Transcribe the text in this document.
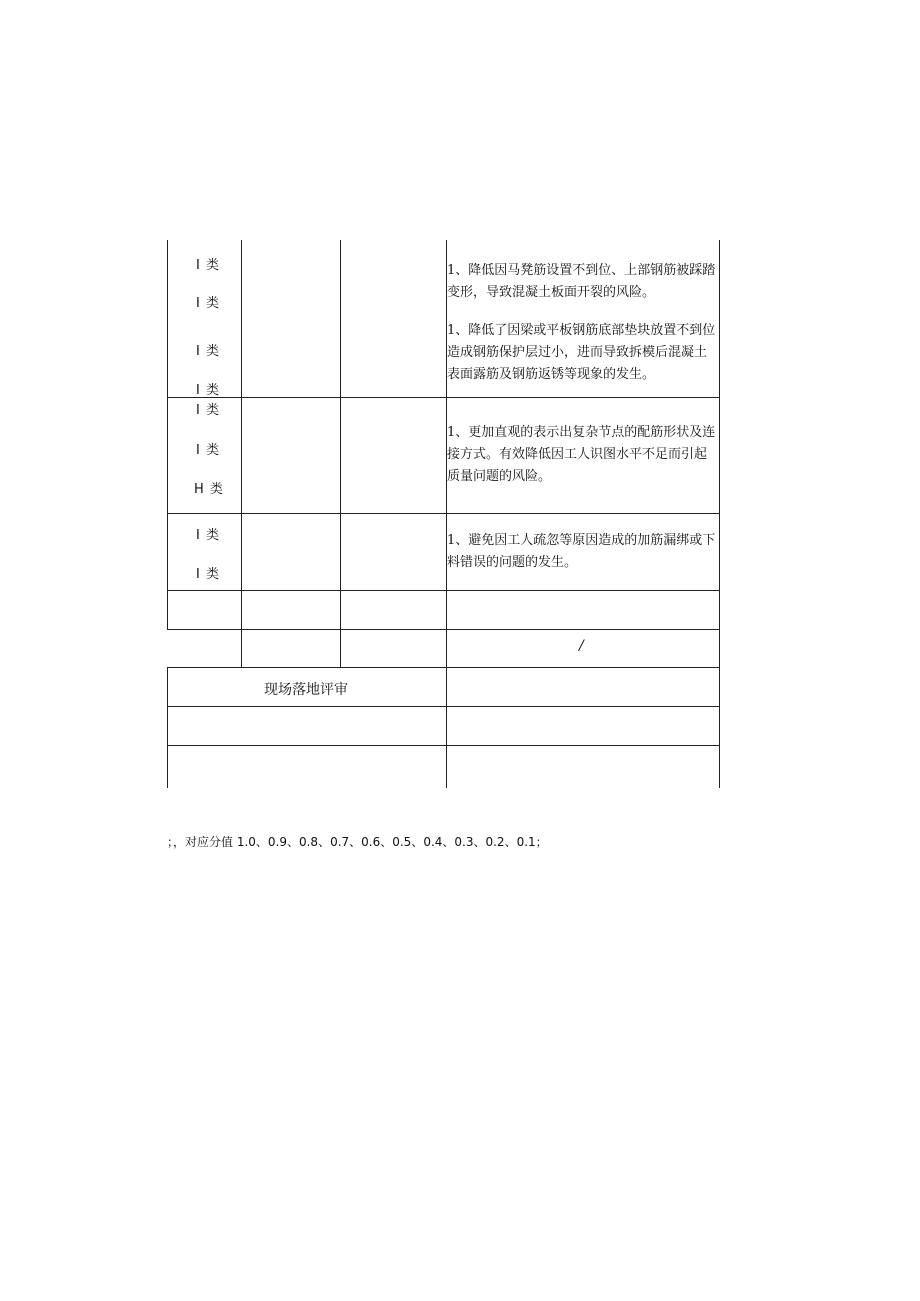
I 类
I 类
I 类
I 类
1、降低因马凳筋设置不到位、上部钢筋被踩踏变形，导致混凝土板面开裂的风险。
1、降低了因梁或平板钢筋底部垫块放置不到位造成钢筋保护层过小，进而导致拆模后混凝土表面露筋及钢筋返锈等现象的发生。
I 类
I 类
H 类
1、更加直观的表示出复杂节点的配筋形状及连接方式。有效降低因工人识图水平不足而引起质量问题的风险。
I 类
I 类
1、避免因工人疏忽等原因造成的加筋漏绑或下料错误的问题的发生。
/
现场落地评审
；，对应分值 1.0、0.9、0.8、0.7、0.6、0.5、0.4、0.3、0.2、0.1；
